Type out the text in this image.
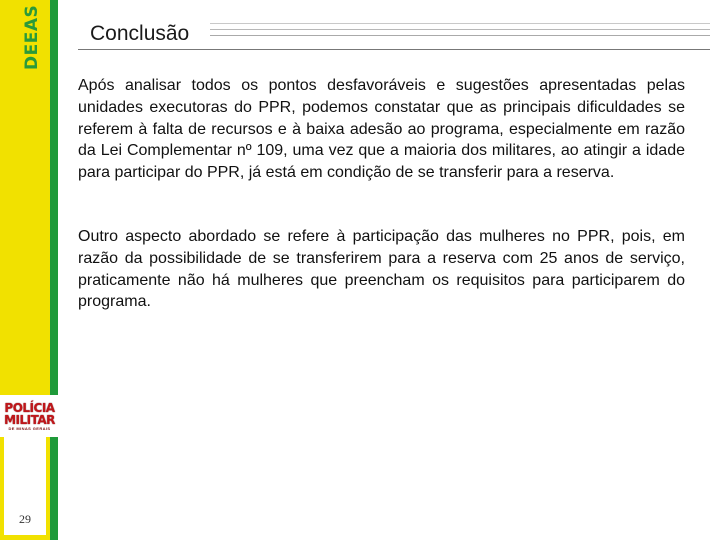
DEEAS
POLÍCIA
MILITAR
DE MINAS GERAIS
29
Conclusão
Após analisar todos os pontos desfavoráveis e sugestões apresentadas pelas unidades executoras do PPR, podemos constatar que as principais dificuldades se referem à falta de recursos e à baixa adesão ao programa, especialmente em razão da Lei Complementar nº 109, uma vez que a maioria dos militares, ao atingir a idade para participar do PPR, já está em condição de se transferir para a reserva.
Outro aspecto abordado se refere à participação das mulheres no PPR, pois, em razão da possibilidade de se transferirem para a reserva com 25 anos de serviço, praticamente não há mulheres que preencham os requisitos para participarem do programa.
